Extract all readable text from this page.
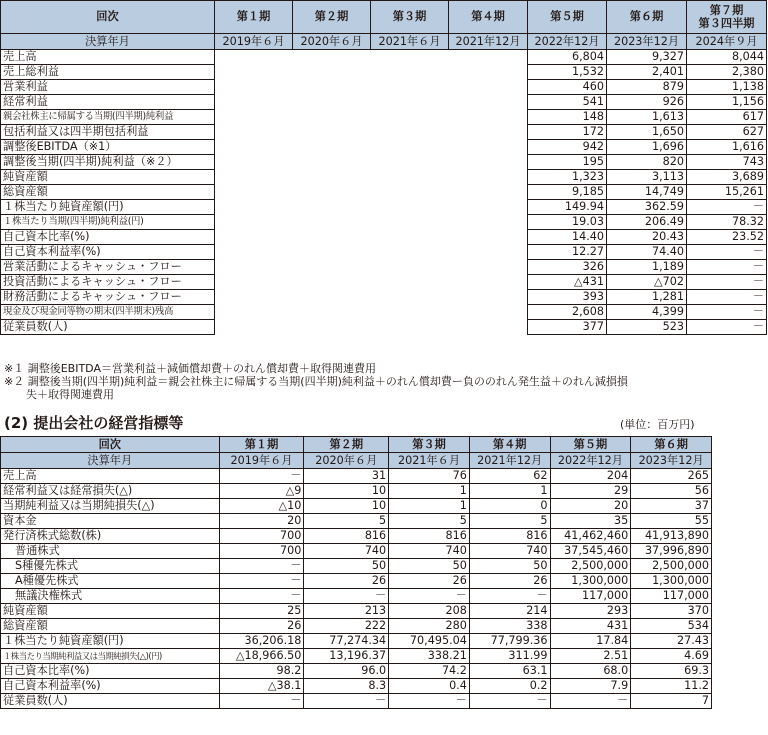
回次	第１期	第２期	第３期	第４期	第５期	第６期	第７期
第３四半期

決算年月	2019年６月	2020年６月	2021年６月	2021年12月	2022年12月	2023年12月	2024年９月
売上高					6,804	9,327	8,044
売上総利益					1,532	2,401	2,380
営業利益					460	879	1,138
経常利益					541	926	1,156
親会社株主に帰属する当期(四半期)純利益					148	1,613	617
包括利益又は四半期包括利益					172	1,650	627
調整後EBITDA（※1）					942	1,696	1,616
調整後当期(四半期)純利益（※２）					195	820	743
純資産額					1,323	3,113	3,689
総資産額					9,185	14,749	15,261
１株当たり純資産額(円)					149.94	362.59	－
１株当たり当期(四半期)純利益(円)					19.03	206.49	78.32
自己資本比率(%)					14.40	20.43	23.52
自己資本利益率(%)					12.27	74.40	－
営業活動によるキャッシュ・フロー					326	1,189	－
投資活動によるキャッシュ・フロー					△431	△702	－
財務活動によるキャッシュ・フロー					393	1,281	－
現金及び現金同等物の期末(四半期末)残高					2,608	4,399	－
従業員数(人)					377	523	－
※１ 調整後EBITDA＝営業利益＋減価償却費＋のれん償却費＋取得関連費用
※２ 調整後当期(四半期)純利益＝親会社株主に帰属する当期(四半期)純利益＋のれん償却費ー負ののれん発生益＋のれん減損損
失＋取得関連費用
(2) 提出会社の経営指標等	(単位：百万円)
回次	第１期	第２期	第３期	第４期	第５期	第６期
決算年月	2019年６月	2020年６月	2021年６月	2021年12月	2022年12月	2023年12月
売上高	－	31	76	62	204	265
経常利益又は経常損失(△)	△9	10	1	1	29	56
当期純利益又は当期純損失(△)	△10	10	1	0	20	37
資本金	20	5	5	5	35	55
発行済株式総数(株)	700	816	816	816	41,462,460	41,913,890
普通株式	700	740	740	740	37,545,460	37,996,890
S種優先株式	－	50	50	50	2,500,000	2,500,000
A種優先株式	－	26	26	26	1,300,000	1,300,000
無議決権株式	－	－	－	－	117,000	117,000
純資産額	25	213	208	214	293	370
総資産額	26	222	280	338	431	534
１株当たり純資産額(円)	36,206.18	77,274.34	70,495.04	77,799.36	17.84	27.43
１株当たり当期純利益又は当期純損失(△)(円)	△18,966.50	13,196.37	338.21	311.99	2.51	4.69
自己資本比率(%)	98.2	96.0	74.2	63.1	68.0	69.3
自己資本利益率(%)	△38.1	8.3	0.4	0.2	7.9	11.2
従業員数(人)	－	－	－	－	－	7
